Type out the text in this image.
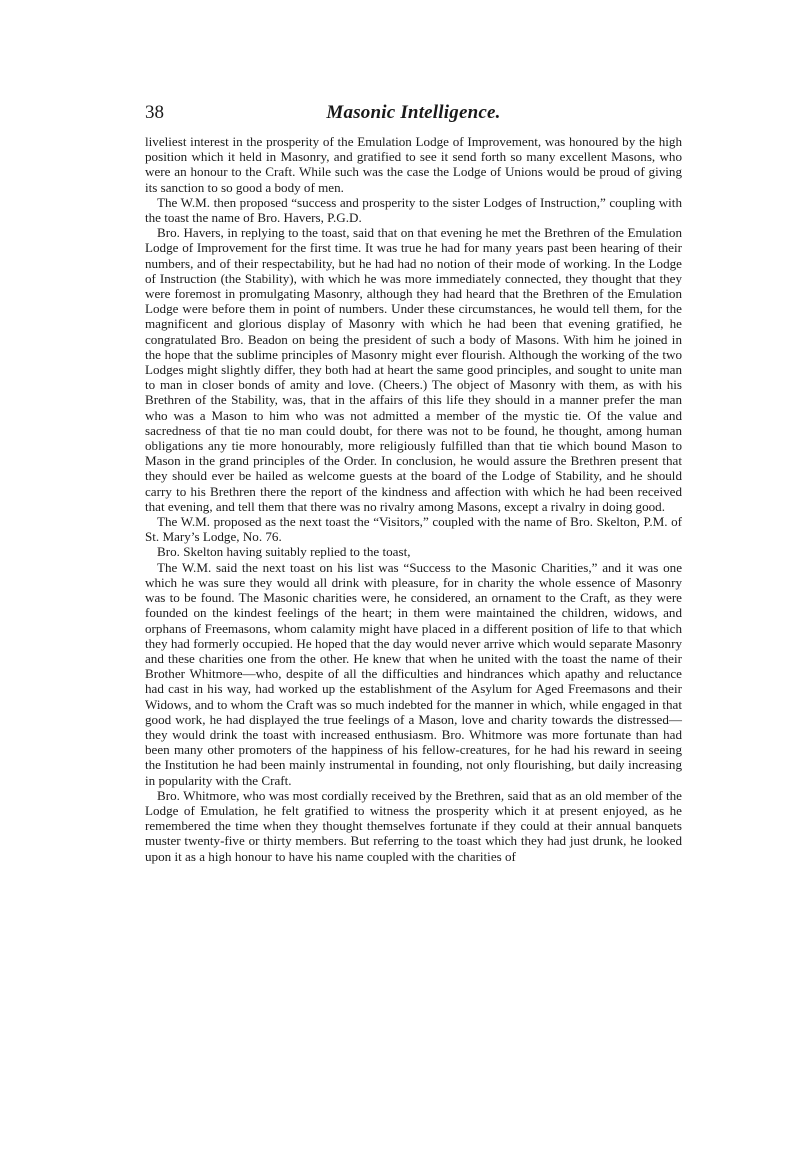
38	Masonic Intelligence.

liveliest interest in the prosperity of the Emulation Lodge of Improvement, was honoured by the high position which it held in Masonry, and gratified to see it send forth so many excellent Masons, who were an honour to the Craft. While such was the case the Lodge of Unions would be proud of giving its sanction to so good a body of men.

The W.M. then proposed “success and prosperity to the sister Lodges of Instruction,” coupling with the toast the name of Bro. Havers, P.G.D.

Bro. Havers, in replying to the toast, said that on that evening he met the Brethren of the Emulation Lodge of Improvement for the first time. It was true he had for many years past been hearing of their numbers, and of their respectability, but he had had no notion of their mode of working. In the Lodge of Instruction (the Stability), with which he was more immediately connected, they thought that they were foremost in promulgating Masonry, although they had heard that the Brethren of the Emulation Lodge were before them in point of numbers. Under these circumstances, he would tell them, for the magnificent and glorious display of Masonry with which he had been that evening gratified, he congratulated Bro. Beadon on being the president of such a body of Masons. With him he joined in the hope that the sublime principles of Masonry might ever flourish. Although the working of the two Lodges might slightly differ, they both had at heart the same good principles, and sought to unite man to man in closer bonds of amity and love. (Cheers.) The object of Masonry with them, as with his Brethren of the Stability, was, that in the affairs of this life they should in a manner prefer the man who was a Mason to him who was not admitted a member of the mystic tie. Of the value and sacredness of that tie no man could doubt, for there was not to be found, he thought, among human obligations any tie more honourably, more religiously fulfilled than that tie which bound Mason to Mason in the grand principles of the Order. In conclusion, he would assure the Brethren present that they should ever be hailed as welcome guests at the board of the Lodge of Stability, and he should carry to his Brethren there the report of the kindness and affection with which he had been received that evening, and tell them that there was no rivalry among Masons, except a rivalry in doing good.

The W.M. proposed as the next toast the “Visitors,” coupled with the name of Bro. Skelton, P.M. of St. Mary’s Lodge, No. 76.

Bro. Skelton having suitably replied to the toast,

The W.M. said the next toast on his list was “Success to the Masonic Charities,” and it was one which he was sure they would all drink with pleasure, for in charity the whole essence of Masonry was to be found. The Masonic charities were, he considered, an ornament to the Craft, as they were founded on the kindest feelings of the heart; in them were maintained the children, widows, and orphans of Freemasons, whom calamity might have placed in a different position of life to that which they had formerly occupied. He hoped that the day would never arrive which would separate Masonry and these charities one from the other. He knew that when he united with the toast the name of their Brother Whitmore—who, despite of all the difficulties and hindrances which apathy and reluctance had cast in his way, had worked up the establishment of the Asylum for Aged Freemasons and their Widows, and to whom the Craft was so much indebted for the manner in which, while engaged in that good work, he had displayed the true feelings of a Mason, love and charity towards the distressed—they would drink the toast with increased enthusiasm. Bro. Whitmore was more fortunate than had been many other promoters of the happiness of his fellow-creatures, for he had his reward in seeing the Institution he had been mainly instrumental in founding, not only flourishing, but daily increasing in popularity with the Craft.

Bro. Whitmore, who was most cordially received by the Brethren, said that as an old member of the Lodge of Emulation, he felt gratified to witness the prosperity which it at present enjoyed, as he remembered the time when they thought themselves fortunate if they could at their annual banquets muster twenty-five or thirty members. But referring to the toast which they had just drunk, he looked upon it as a high honour to have his name coupled with the charities of
